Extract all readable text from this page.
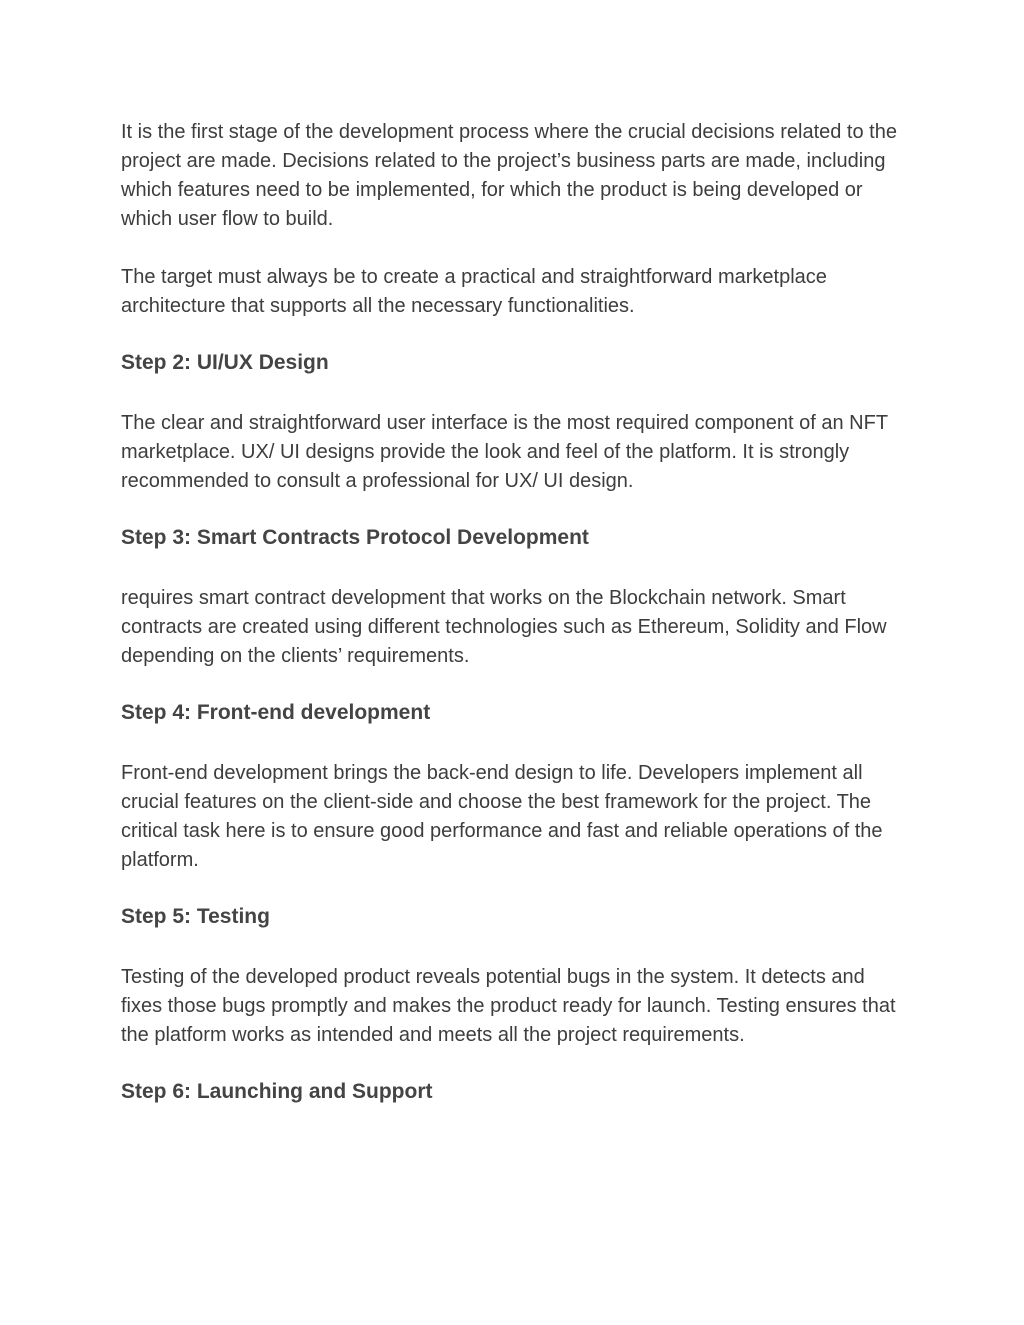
It is the first stage of the development process where the crucial decisions related to the project are made. Decisions related to the project’s business parts are made, including which features need to be implemented, for which the product is being developed or which user flow to build.

The target must always be to create a practical and straightforward marketplace architecture that supports all the necessary functionalities.

Step 2: UI/UX Design

The clear and straightforward user interface is the most required component of an NFT marketplace. UX/ UI designs provide the look and feel of the platform. It is strongly recommended to consult a professional for UX/ UI design.

Step 3: Smart Contracts Protocol Development

requires smart contract development that works on the Blockchain network. Smart contracts are created using different technologies such as Ethereum, Solidity and Flow depending on the clients’ requirements.

Step 4: Front-end development

Front-end development brings the back-end design to life. Developers implement all crucial features on the client-side and choose the best framework for the project. The critical task here is to ensure good performance and fast and reliable operations of the platform.

Step 5: Testing

Testing of the developed product reveals potential bugs in the system. It detects and fixes those bugs promptly and makes the product ready for launch. Testing ensures that the platform works as intended and meets all the project requirements.

Step 6: Launching and Support
